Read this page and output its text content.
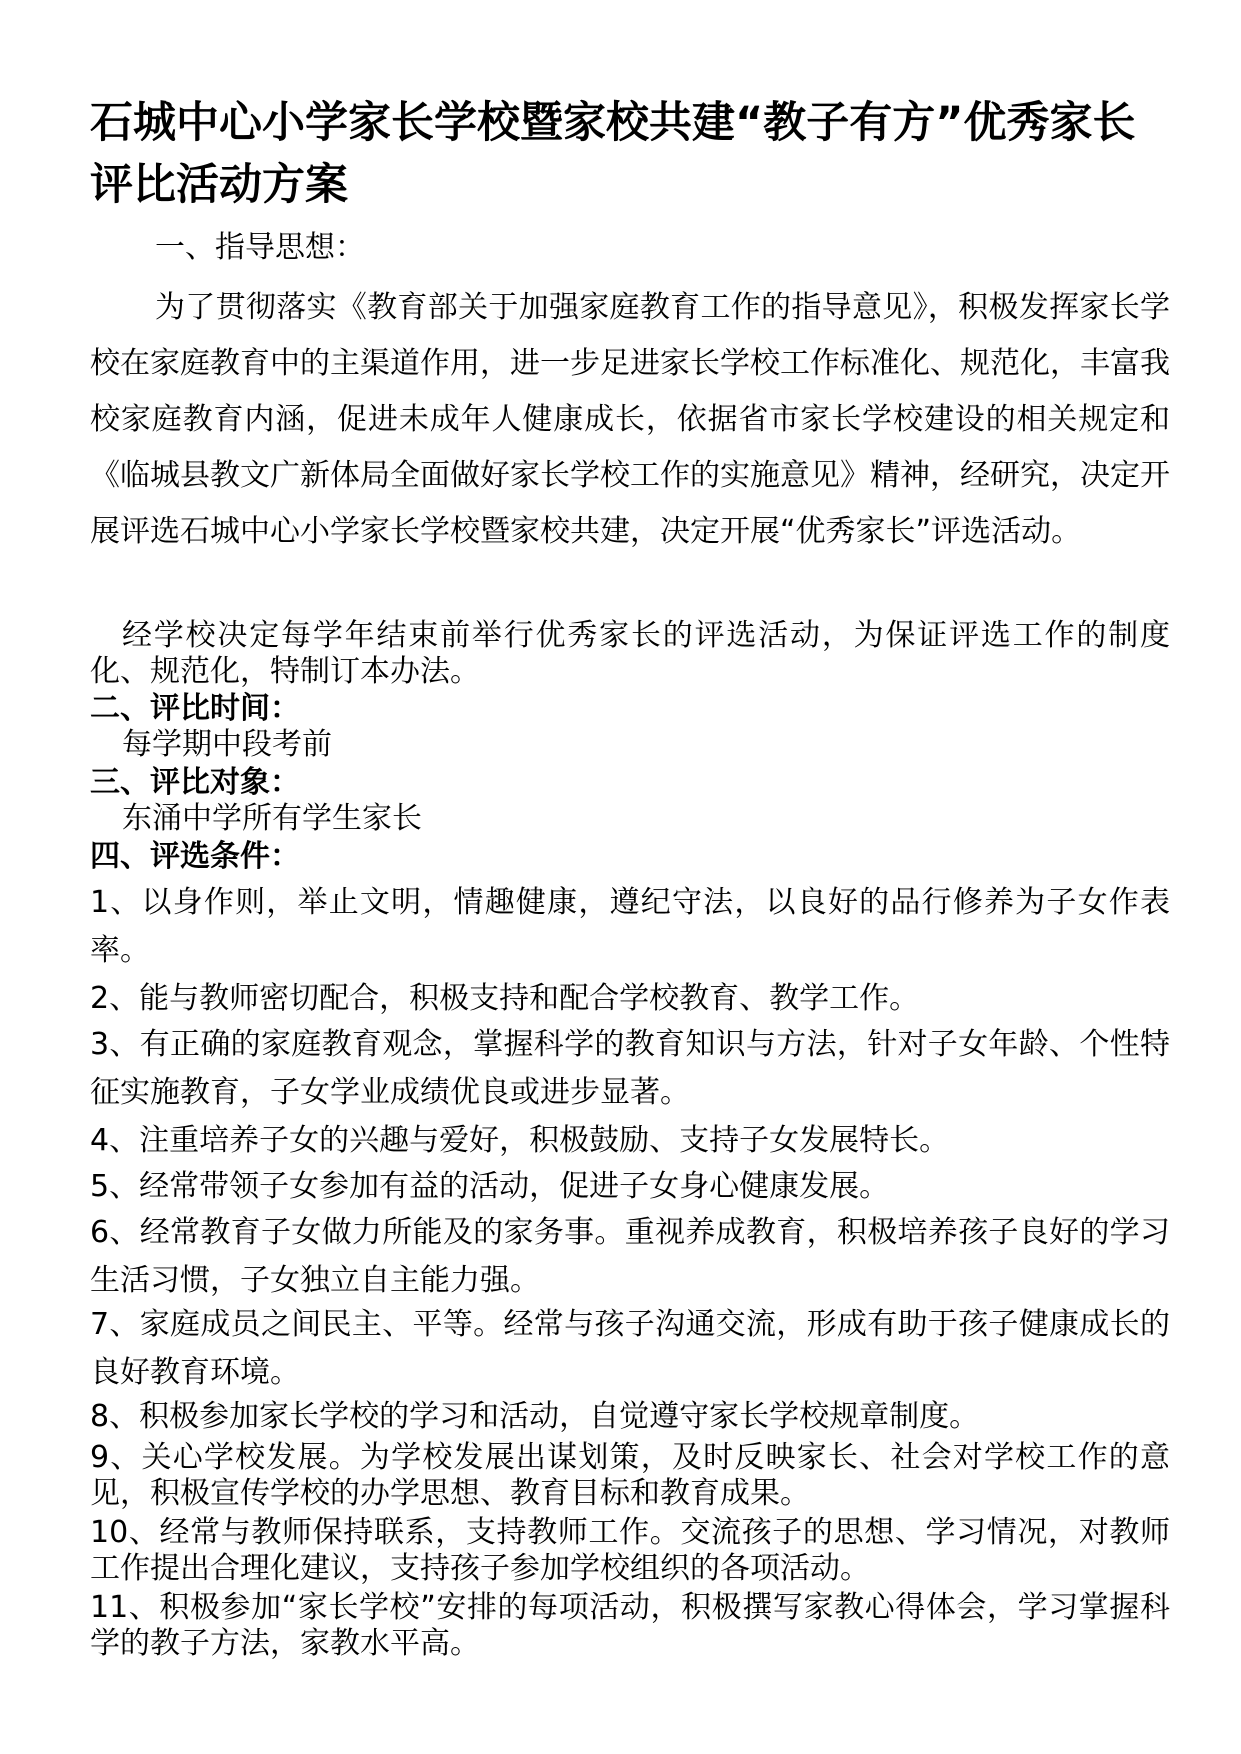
石城中心小学家长学校暨家校共建“教子有方”优秀家长评比活动方案
一、指导思想：

为了贯彻落实《教育部关于加强家庭教育工作的指导意见》，积极发挥家长学校在家庭教育中的主渠道作用，进一步足进家长学校工作标准化、规范化，丰富我校家庭教育内涵，促进未成年人健康成长，依据省市家长学校建设的相关规定和《临城县教文广新体局全面做好家长学校工作的实施意见》精神，经研究，决定开展评选石城中心小学家长学校暨家校共建，决定开展“优秀家长”评选活动。

经学校决定每学年结束前举行优秀家长的评选活动，为保证评选工作的制度化、规范化，特制订本办法。

二、评比时间：
每学期中段考前
三、评比对象：
东涌中学所有学生家长
四、评选条件：

1、以身作则，举止文明，情趣健康，遵纪守法，以良好的品行修养为子女作表率。

2、能与教师密切配合，积极支持和配合学校教育、教学工作。

3、有正确的家庭教育观念，掌握科学的教育知识与方法，针对子女年龄、个性特征实施教育，子女学业成绩优良或进步显著。

4、注重培养子女的兴趣与爱好，积极鼓励、支持子女发展特长。

5、经常带领子女参加有益的活动，促进子女身心健康发展。

6、经常教育子女做力所能及的家务事。重视养成教育，积极培养孩子良好的学习生活习惯，子女独立自主能力强。

7、家庭成员之间民主、平等。经常与孩子沟通交流，形成有助于孩子健康成长的良好教育环境。

8、积极参加家长学校的学习和活动，自觉遵守家长学校规章制度。

9、关心学校发展。为学校发展出谋划策，及时反映家长、社会对学校工作的意见，积极宣传学校的办学思想、教育目标和教育成果。

10、经常与教师保持联系，支持教师工作。交流孩子的思想、学习情况，对教师工作提出合理化建议，支持孩子参加学校组织的各项活动。

11、积极参加“家长学校”安排的每项活动，积极撰写家教心得体会，学习掌握科学的教子方法，家教水平高。
